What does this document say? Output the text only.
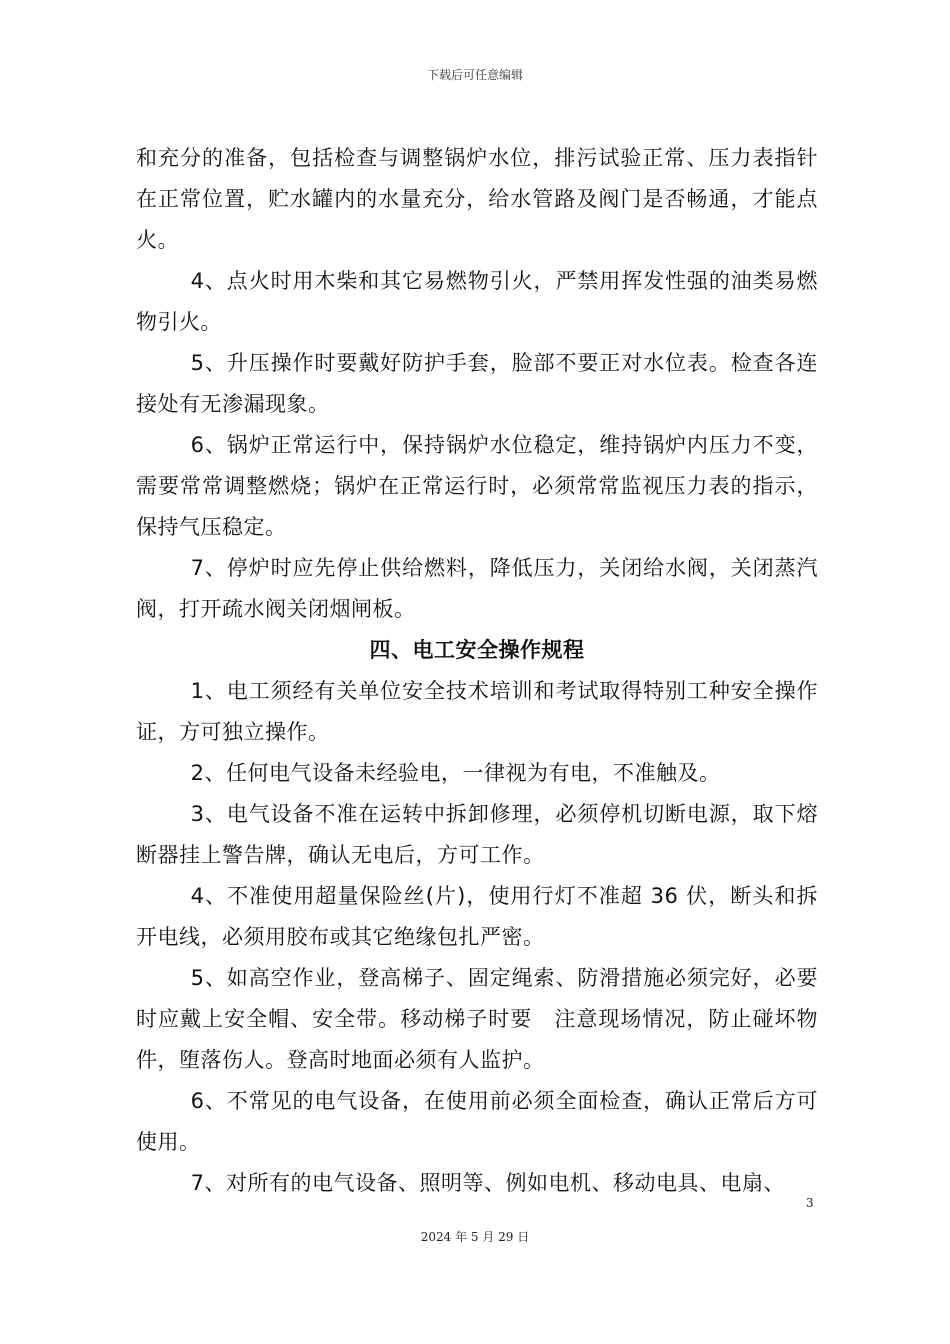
下载后可任意编辑

和充分的准备，包括检查与调整锅炉水位，排污试验正常、压力表指针在正常位置，贮水罐内的水量充分，给水管路及阀门是否畅通，才能点火。

4、点火时用木柴和其它易燃物引火，严禁用挥发性强的油类易燃物引火。

5、升压操作时要戴好防护手套，脸部不要正对水位表。检查各连接处有无渗漏现象。

6、锅炉正常运行中，保持锅炉水位稳定，维持锅炉内压力不变，需要常常调整燃烧；锅炉在正常运行时，必须常常监视压力表的指示，保持气压稳定。

7、停炉时应先停止供给燃料，降低压力，关闭给水阀，关闭蒸汽阀，打开疏水阀关闭烟闸板。

四、电工安全操作规程

1、电工须经有关单位安全技术培训和考试取得特别工种安全操作证，方可独立操作。

2、任何电气设备未经验电，一律视为有电，不准触及。

3、电气设备不准在运转中拆卸修理，必须停机切断电源，取下熔断器挂上警告牌，确认无电后，方可工作。

4、不准使用超量保险丝(片)，使用行灯不准超 36 伏，断头和拆开电线，必须用胶布或其它绝缘包扎严密。

5、如高空作业，登高梯子、固定绳索、防滑措施必须完好，必要时应戴上安全帽、安全带。移动梯子时要　注意现场情况，防止碰坏物件，堕落伤人。登高时地面必须有人监护。

6、不常见的电气设备，在使用前必须全面检查，确认正常后方可使用。

7、对所有的电气设备、照明等、例如电机、移动电具、电扇、

3
2024 年 5 月 29 日
